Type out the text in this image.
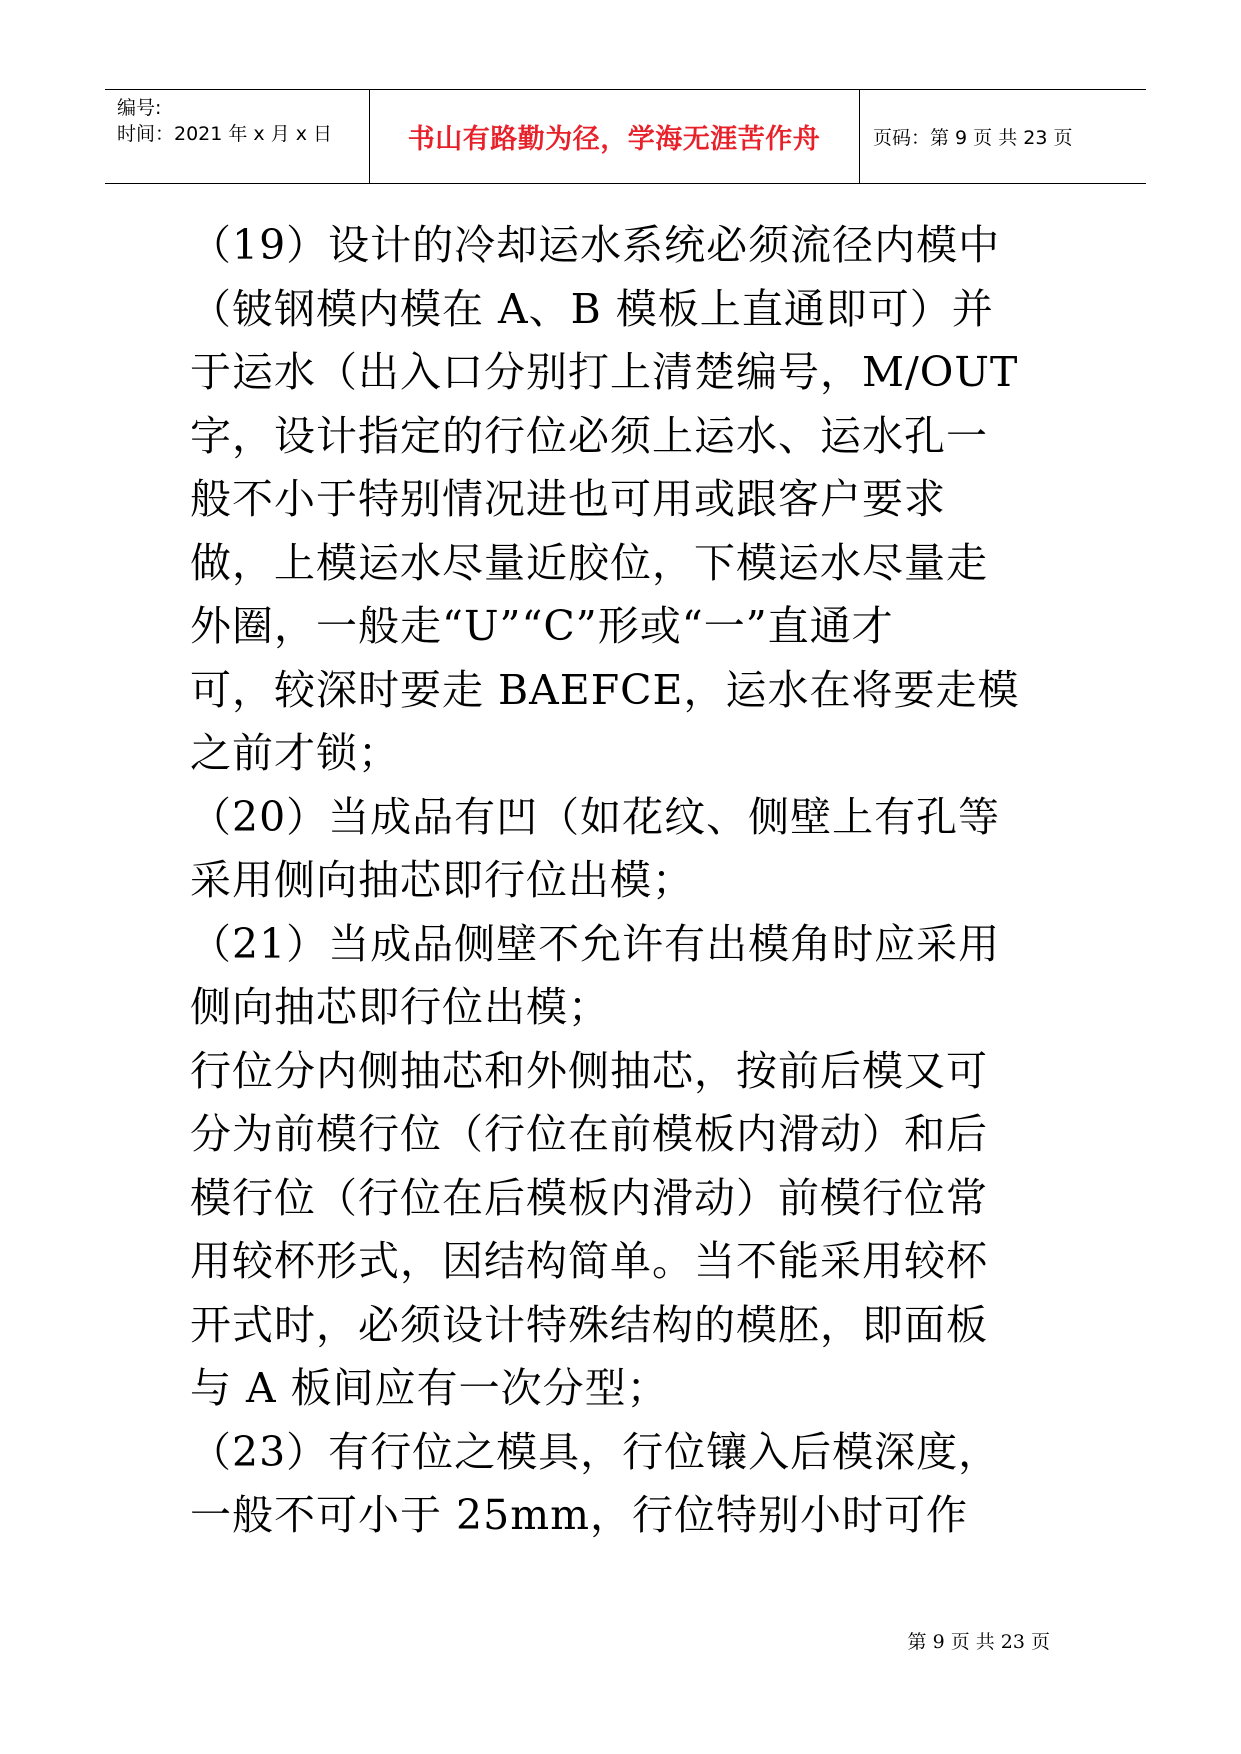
编号:
时间：2021 年 x 月 x 日	书山有路勤为径，学海无涯苦作舟	页码：第 9 页 共 23 页
（19）设计的冷却运水系统必须流径内模中
（铍钢模内模在 A、B 模板上直通即可）并
于运水（出入口分别打上清楚编号，M/OUT
字，设计指定的行位必须上运水、运水孔一
般不小于特别情况进也可用或跟客户要求
做，上模运水尽量近胶位，下模运水尽量走
外圈，一般走“U”“C”形或“一”直通才
可，较深时要走 BAEFCE，运水在将要走模
之前才锁；
（20）当成品有凹（如花纹、侧壁上有孔等
采用侧向抽芯即行位出模；
（21）当成品侧壁不允许有出模角时应采用
侧向抽芯即行位出模；
行位分内侧抽芯和外侧抽芯，按前后模又可
分为前模行位（行位在前模板内滑动）和后
模行位（行位在后模板内滑动）前模行位常
用较杯形式，因结构简单。当不能采用较杯
开式时，必须设计特殊结构的模胚，即面板
与 A 板间应有一次分型；
（23）有行位之模具，行位镶入后模深度，
一般不可小于 25mm，行位特别小时可作
第 9 页 共 23 页
